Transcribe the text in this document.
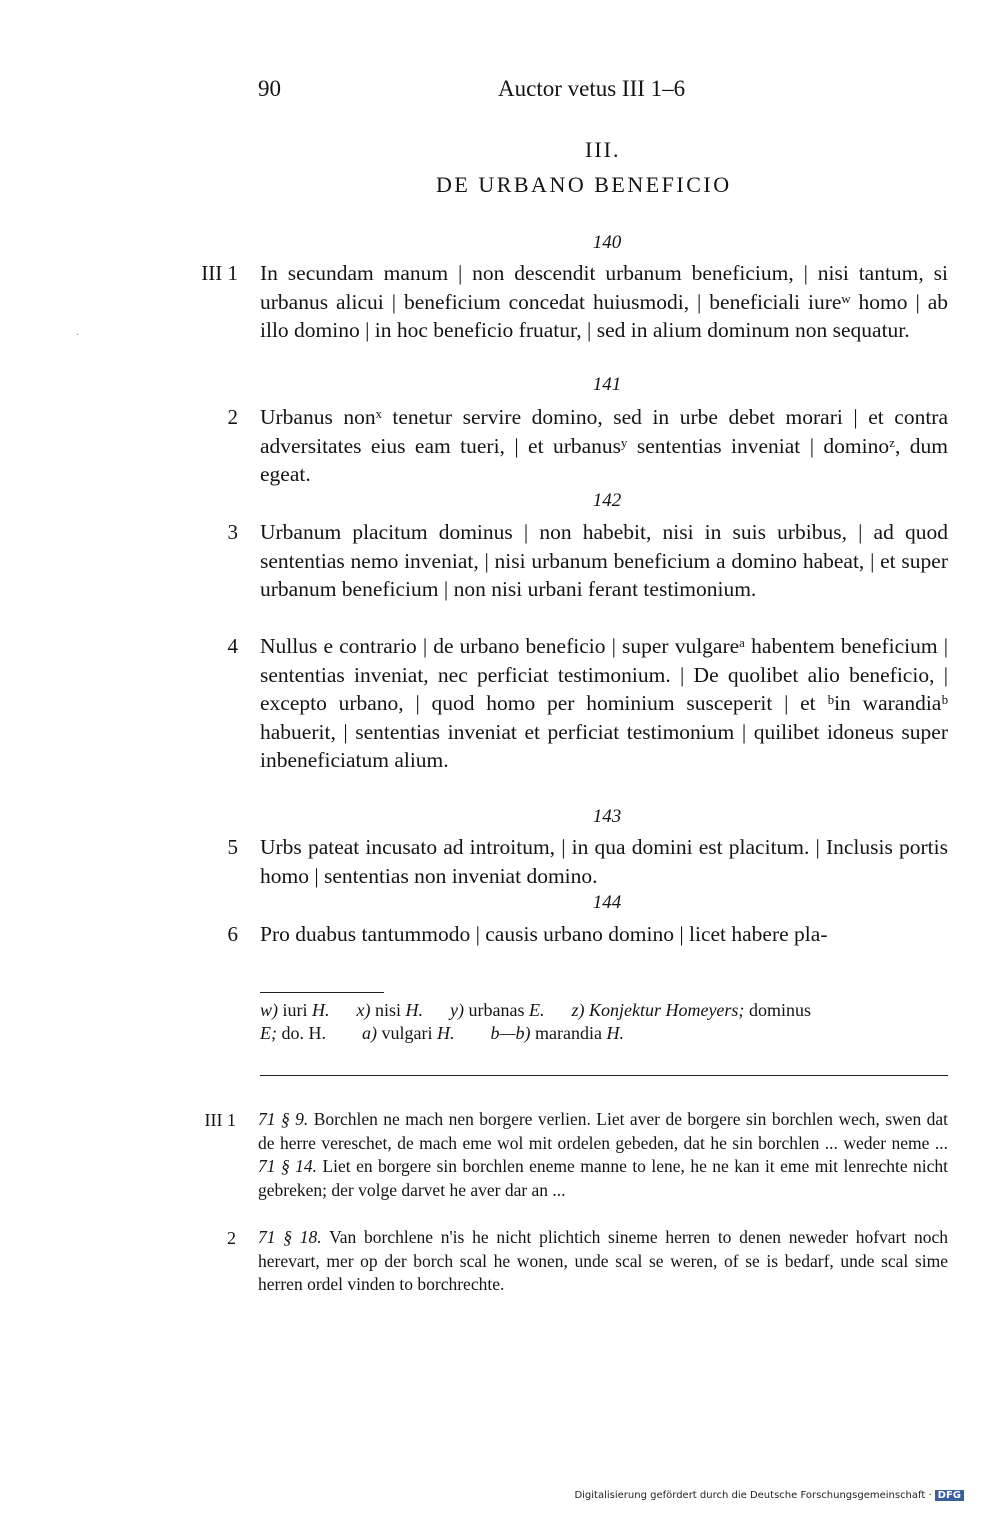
90	Auctor vetus III 1–6
III.
DE URBANO BENEFICIO
·
140
III 1 In secundam manum | non descendit urbanum beneficium, | nisi tantum, si urbanus alicui | beneficium concedat huiusmodi, | beneficiali iureʷ homo | ab illo domino | in hoc beneficio fruatur, | sed in alium dominum non sequatur.
141
2 Urbanus nonˣ tenetur servire domino, sed in urbe debet morari | et contra adversitates eius eam tueri, | et urbanusʸ sententias inveniat | dominoᶻ, dum egeat.
142
3 Urbanum placitum dominus | non habebit, nisi in suis urbibus, | ad quod sententias nemo inveniat, | nisi urbanum beneficium a domino habeat, | et super urbanum beneficium | non nisi urbani ferant testimonium.
4 Nullus e contrario | de urbano beneficio | super vulgareᵃ habentem beneficium | sententias inveniat, nec perficiat testimonium. | De quolibet alio beneficio, | excepto urbano, | quod homo per hominium susceperit | et ᵇin warandiaᵇ habuerit, | sententias inveniat et perficiat testimonium | quilibet idoneus super inbeneficiatum alium.
143
5 Urbs pateat incusato ad introitum, | in qua domini est placitum. | Inclusis portis homo | sententias non inveniat domino.
144
6 Pro duabus tantummodo | causis urbano domino | licet habere pla-
w) iuri H. x) nisi H. y) urbanas E. z) Konjektur Homeyers; dominus
E; do. H. a) vulgari H. b—b) marandia H.
III 1 71 § 9. Borchlen ne mach nen borgere verlien. Liet aver de borgere sin borchlen wech, swen dat de herre vereschet, de mach eme wol mit ordelen gebeden, dat he sin borchlen ... weder neme ... 71 § 14. Liet en borgere sin borchlen eneme manne to lene, he ne kan it eme mit lenrechte nicht gebreken; der volge darvet he aver dar an ...
2 71 § 18. Van borchlene n'is he nicht plichtich sineme herren to denen neweder hofvart noch herevart, mer op der borch scal he wonen, unde scal se weren, of se is bedarf, unde scal sime herren ordel vinden to borchrechte.
Digitalisierung gefördert durch die Deutsche Forschungsgemeinschaft · DFG
